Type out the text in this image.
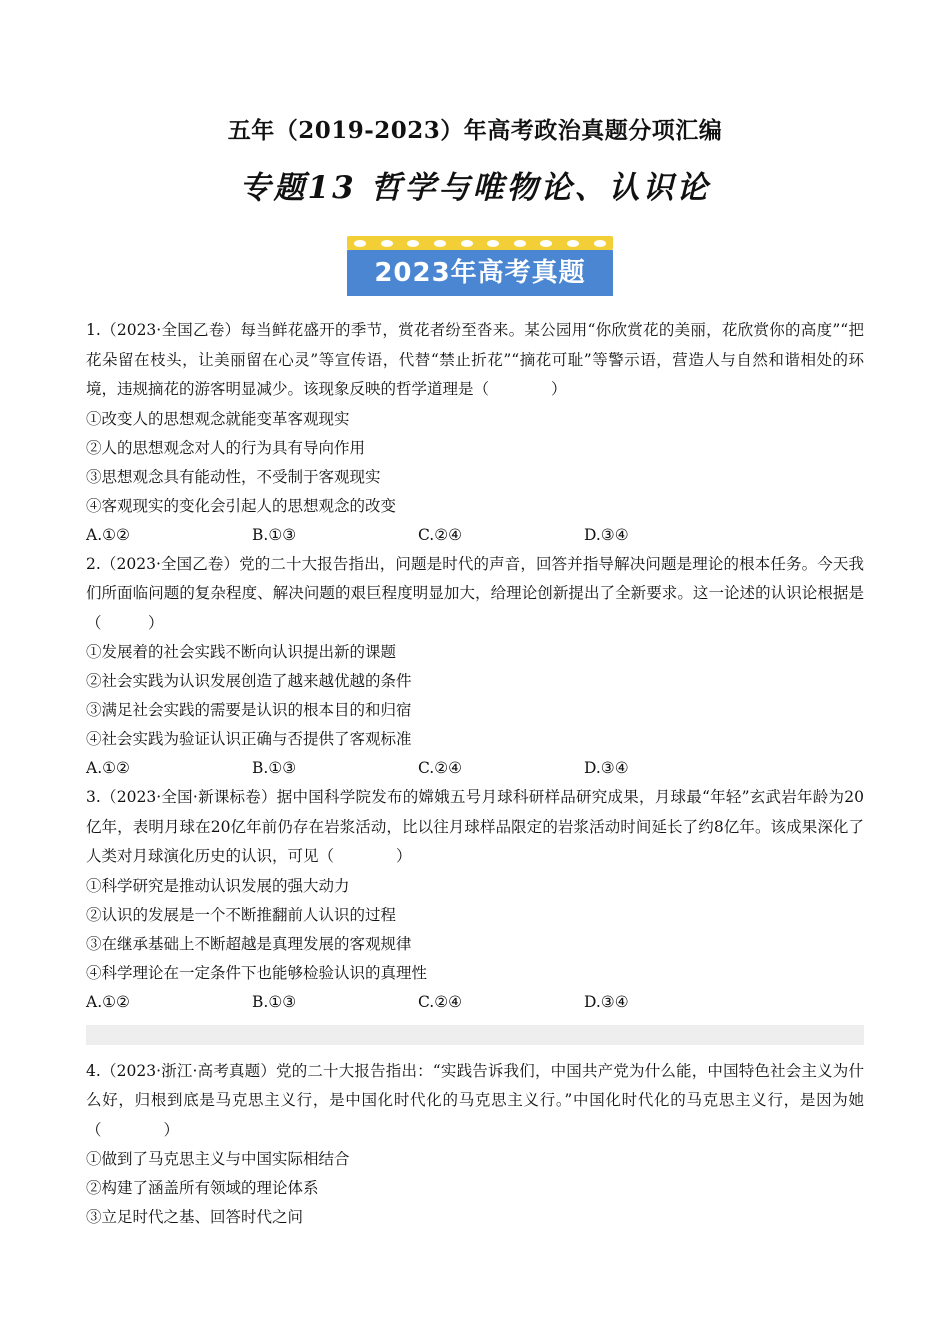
五年（2019-2023）年高考政治真题分项汇编
专题13 哲学与唯物论、认识论
2023年高考真题
1.（2023·全国乙卷）每当鲜花盛开的季节，赏花者纷至沓来。某公园用“你欣赏花的美丽，花欣赏你的高度”“把花朵留在枝头，让美丽留在心灵”等宣传语，代替“禁止折花”“摘花可耻”等警示语，营造人与自然和谐相处的环境，违规摘花的游客明显减少。该现象反映的哲学道理是（　　　　）
①改变人的思想观念就能变革客观现实
②人的思想观念对人的行为具有导向作用
③思想观念具有能动性，不受制于客观现实
④客观现实的变化会引起人的思想观念的改变
A.①②	B.①③	C.②④	D.③④
2.（2023·全国乙卷）党的二十大报告指出，问题是时代的声音，回答并指导解决问题是理论的根本任务。今天我们所面临问题的复杂程度、解决问题的艰巨程度明显加大，给理论创新提出了全新要求。这一论述的认识论根据是（　　　）
①发展着的社会实践不断向认识提出新的课题
②社会实践为认识发展创造了越来越优越的条件
③满足社会实践的需要是认识的根本目的和归宿
④社会实践为验证认识正确与否提供了客观标准
A.①②	B.①③	C.②④	D.③④
3.（2023·全国·新课标卷）据中国科学院发布的嫦娥五号月球科研样品研究成果，月球最“年轻”玄武岩年龄为20亿年，表明月球在20亿年前仍存在岩浆活动，比以往月球样品限定的岩浆活动时间延长了约8亿年。该成果深化了人类对月球演化历史的认识，可见（　　　　）
①科学研究是推动认识发展的强大动力
②认识的发展是一个不断推翻前人认识的过程
③在继承基础上不断超越是真理发展的客观规律
④科学理论在一定条件下也能够检验认识的真理性
A.①②	B.①③	C.②④	D.③④
4.（2023·浙江·高考真题）党的二十大报告指出：“实践告诉我们，中国共产党为什么能，中国特色社会主义为什么好，归根到底是马克思主义行，是中国化时代化的马克思主义行。”中国化时代化的马克思主义行，是因为她（　　　　）
①做到了马克思主义与中国实际相结合
②构建了涵盖所有领域的理论体系
③立足时代之基、回答时代之问
